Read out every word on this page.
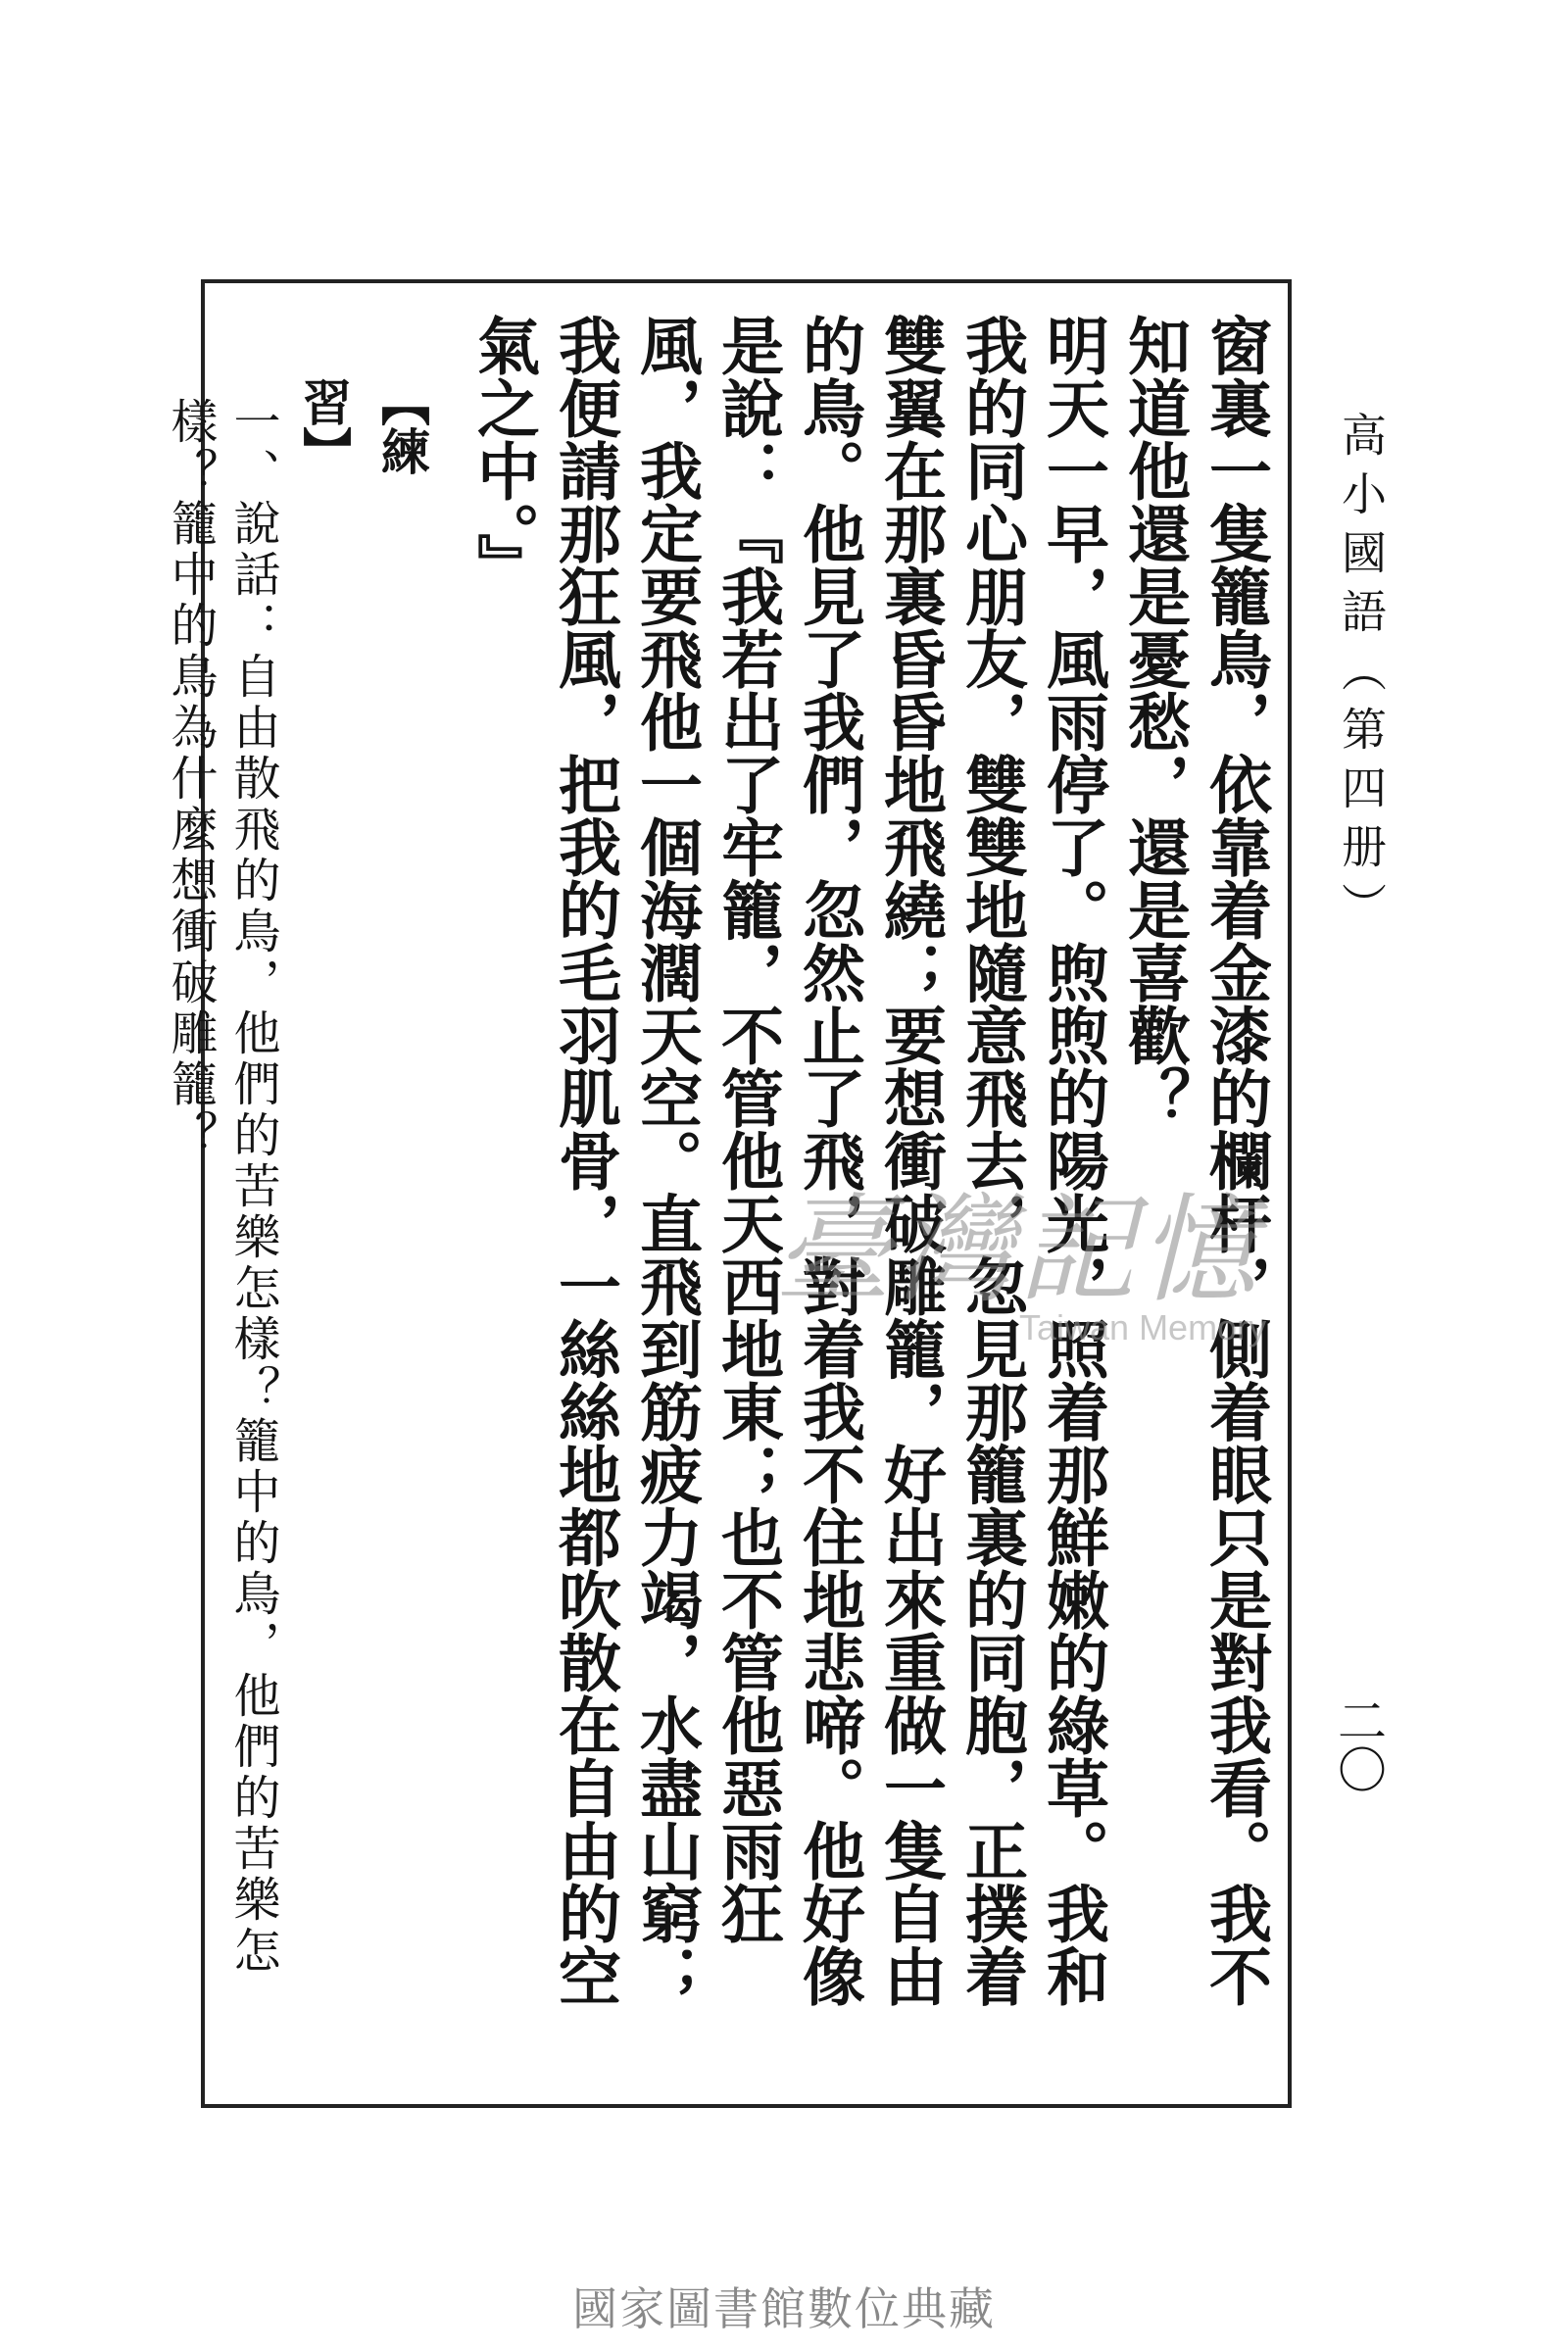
高小國語（第四册）
二〇

窗裏一隻籠鳥，依靠着金漆的欄杆，側着眼只是對我看。我不知道他還是憂愁，還是喜歡？

明天一早，風雨停了。煦煦的陽光，照着那鮮嫩的綠草。我和我的同心朋友，雙雙地隨意飛去，忽見那籠裏的同胞，正撲着雙翼在那裏昏昏地飛繞；要想衝破雕籠，好出來重做一隻自由的鳥。他見了我們，忽然止了飛，對着我不住地悲啼。他好像是說：『我若出了牢籠，不管他天西地東；也不管他惡雨狂風，我定要飛他一個海濶天空。直飛到筋疲力竭，水盡山窮；我便請那狂風，把我的毛羽肌骨，一絲絲地都吹散在自由的空氣之中。』

【練　習】
一、說話：自由散飛的鳥，他們的苦樂怎樣？籠中的鳥，他們的苦樂怎樣？籠中的鳥為什麼想衝破雕籠？
臺灣記憶
Taiwan Memory
國家圖書館數位典藏
